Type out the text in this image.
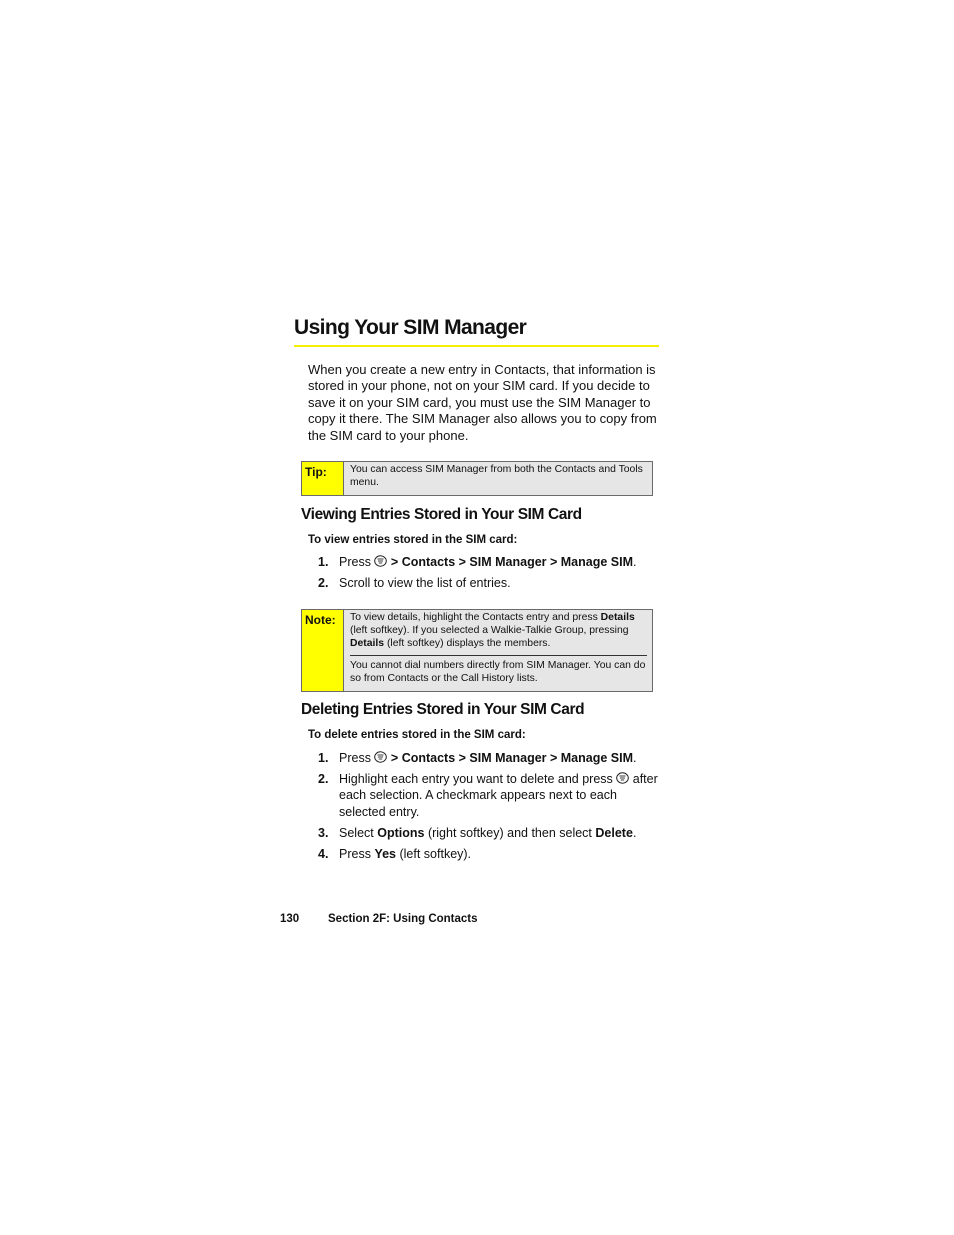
Using Your SIM Manager
When you create a new entry in Contacts, that information is stored in your phone, not on your SIM card. If you decide to save it on your SIM card, you must use the SIM Manager to copy it there. The SIM Manager also allows you to copy from the SIM card to your phone.
Tip:	You can access SIM Manager from both the Contacts and Tools menu.
Viewing Entries Stored in Your SIM Card
To view entries stored in the SIM card:
1. Press > Contacts > SIM Manager > Manage SIM.
2. Scroll to view the list of entries.
Note:	To view details, highlight the Contacts entry and press Details (left softkey). If you selected a Walkie-Talkie Group, pressing Details (left softkey) displays the members.
You cannot dial numbers directly from SIM Manager. You can do so from Contacts or the Call History lists.
Deleting Entries Stored in Your SIM Card
To delete entries stored in the SIM card:
1. Press > Contacts > SIM Manager > Manage SIM.
2. Highlight each entry you want to delete and press after each selection. A checkmark appears next to each selected entry.
3. Select Options (right softkey) and then select Delete.
4. Press Yes (left softkey).
130	Section 2F: Using Contacts
